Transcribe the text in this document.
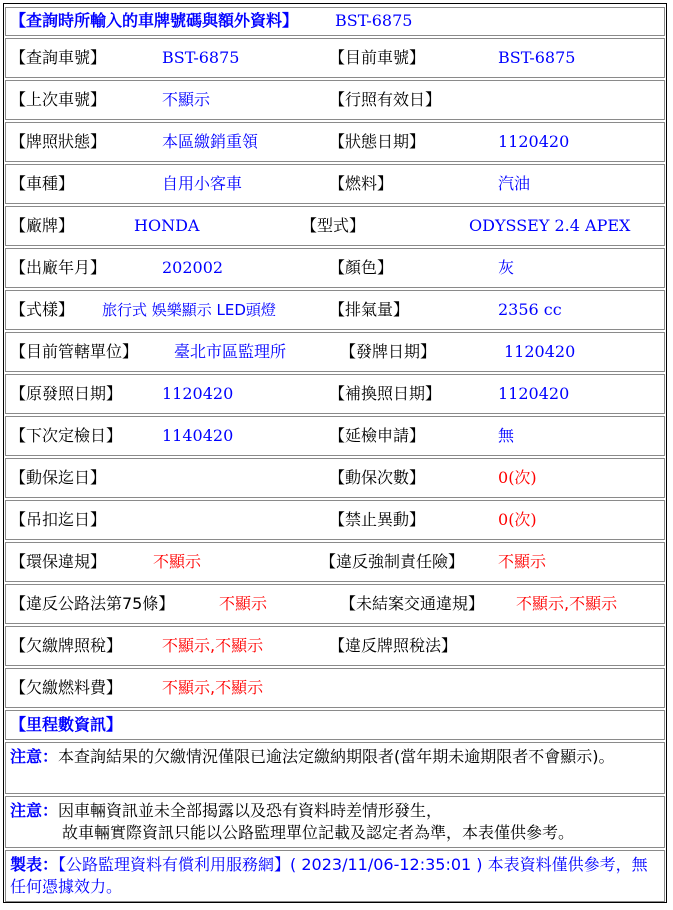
【查詢時所輸入的車牌號碼與額外資料】 BST-6875
【查詢車號】	BST-6875	【目前車號】	BST-6875
【上次車號】	不顯示	【行照有效日】
【牌照狀態】	本區繳銷重領	【狀態日期】	1120420
【車種】	自用小客車	【燃料】	汽油
【廠牌】	HONDA	【型式】	ODYSSEY 2.4 APEX
【出廠年月】	202002	【顏色】	灰
【式樣】 旅行式 娛樂顯示 LED頭燈	【排氣量】	2356 cc
【目前管轄單位】 臺北市區監理所	【發牌日期】	1120420
【原發照日期】 1120420	【補換照日期】	1120420
【下次定檢日】 1140420	【延檢申請】	無
【動保迄日】	【動保次數】	0(次)
【吊扣迄日】	【禁止異動】	0(次)
【環保違規】	不顯示	【違反強制責任險】 不顯示
【違反公路法第75條】	不顯示	【未結案交通違規】 不顯示,不顯示
【欠繳牌照稅】 不顯示,不顯示	【違反牌照稅法】
【欠繳燃料費】 不顯示,不顯示
【里程數資訊】
注意：本查詢結果的欠繳情況僅限已逾法定繳納期限者(當年期未逾期限者不會顯示)。
注意：因車輛資訊並未全部揭露以及恐有資料時差情形發生，
故車輛實際資訊只能以公路監理單位記載及認定者為準，本表僅供參考。
製表：【公路監理資料有償利用服務網】( 2023/11/06-12:35:01 ) 本表資料僅供參考，無任何憑據效力。
